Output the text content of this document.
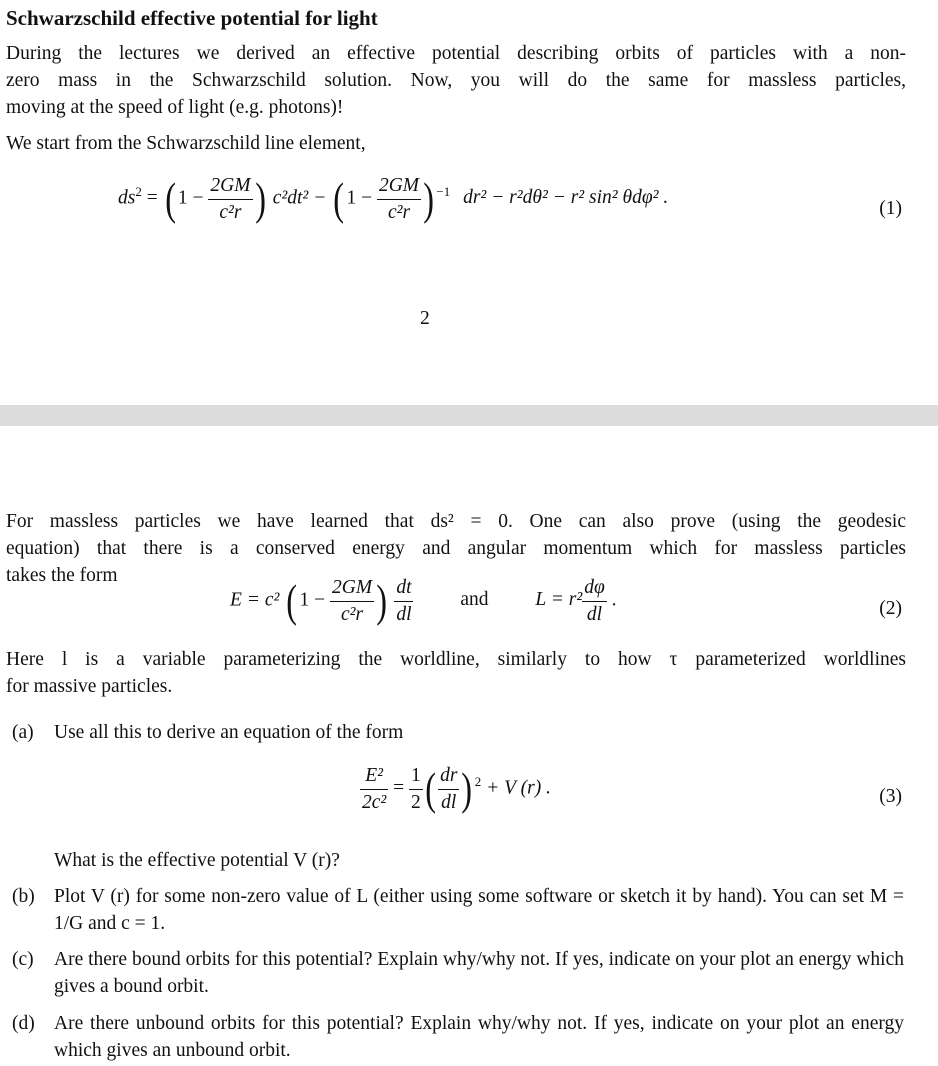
Schwarzschild effective potential for light
During the lectures we derived an effective potential describing orbits of particles with a non-
zero mass in the Schwarzschild solution. Now, you will do the same for massless particles,
moving at the speed of light (e.g. photons)!
We start from the Schwarzschild line element,
$ds^2$ = ( $1 - \frac{2GM}{\text{c²r}}$ ) c²dt² − ( $1 - \frac{2GM}{\text{c²r}}$ ) $^{-1}$ dr² − r²dθ² − r² sin² θdφ² .
(1)
2
For massless particles we have learned that ds² = 0. One can also prove (using the geodesic
equation) that there is a conserved energy and angular momentum which for massless particles
takes the form
E = c² ( $1 - \frac{2GM}{\text{c²r}}$ ) $\frac{dt}{dl}$ and $L = r^2 \frac{d\varphi}{dl}$ .	(2)
Here l is a variable parameterizing the worldline, similarly to how τ parameterized worldlines
for massive particles.
(a) Use all this to derive an equation of the form
$\frac{\text{E²}}{\text{2c²}} = \frac{1}{2}$ ( $\frac{dr}{dl}$ ) $^2$ + V (r) .	(3)
What is the effective potential V (r)?
(b) Plot V (r) for some non-zero value of L (either using some software or sketch it by hand). You can set M = 1/G and c = 1.
(c) Are there bound orbits for this potential? Explain why/why not. If yes, indicate on your plot an energy which gives a bound orbit.
(d) Are there unbound orbits for this potential? Explain why/why not. If yes, indicate on your plot an energy which gives an unbound orbit.
